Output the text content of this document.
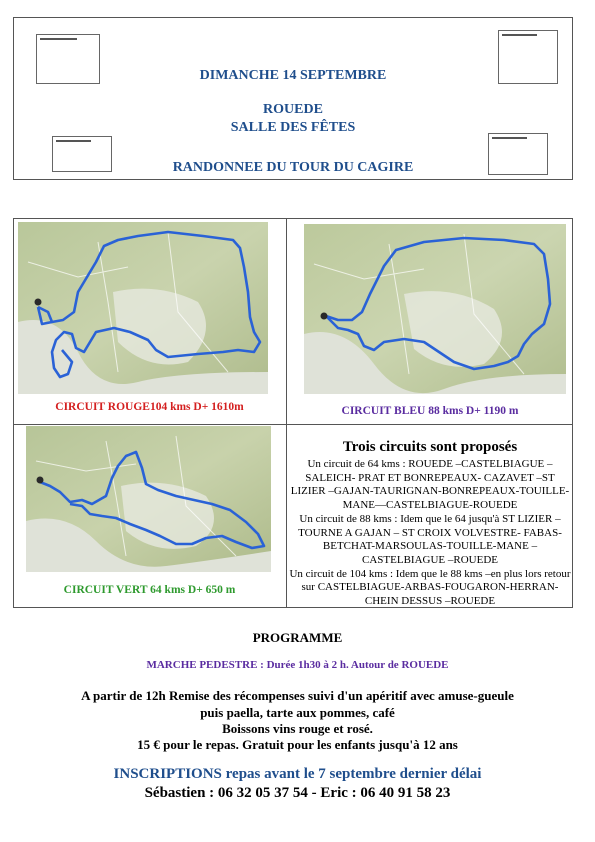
DIMANCHE 14 SEPTEMBRE
ROUEDE
SALLE DES FÊTES
RANDONNEE DU TOUR DU CAGIRE
CIRCUIT ROUGE104 kms D+ 1610m	CIRCUIT BLEU 88 kms D+ 1190 m
CIRCUIT VERT 64 kms D+ 650 m
Trois circuits sont proposés

Un circuit de 64 kms : ROUEDE –CASTELBIAGUE – SALEICH- PRAT ET BONREPEAUX- CAZAVET –ST LIZIER –GAJAN-TAURIGNAN-BONREPEAUX-TOUILLE- MANE—CASTELBIAGUE-ROUEDE

Un circuit de 88 kms : Idem que le 64 jusqu'à ST LIZIER – TOURNE A GAJAN – ST CROIX VOLVESTRE- FABAS-BETCHAT-MARSOULAS-TOUILLE-MANE – CASTELBIAGUE –ROUEDE

Un circuit de 104 kms : Idem que le 88 kms –en plus lors retour sur CASTELBIAGUE-ARBAS-FOUGARON-HERRAN-CHEIN DESSUS –ROUEDE

PROGRAMME
MARCHE PEDESTRE : Durée 1h30 à 2 h. Autour de ROUEDE
A partir de 12h Remise des récompenses suivi d'un apéritif avec amuse-gueule
puis paella, tarte aux pommes, café
Boissons vins rouge et rosé.
15 € pour le repas. Gratuit pour les enfants jusqu'à 12 ans
INSCRIPTIONS repas avant le 7 septembre dernier délai
Sébastien : 06 32 05 37 54 - Eric : 06 40 91 58 23
